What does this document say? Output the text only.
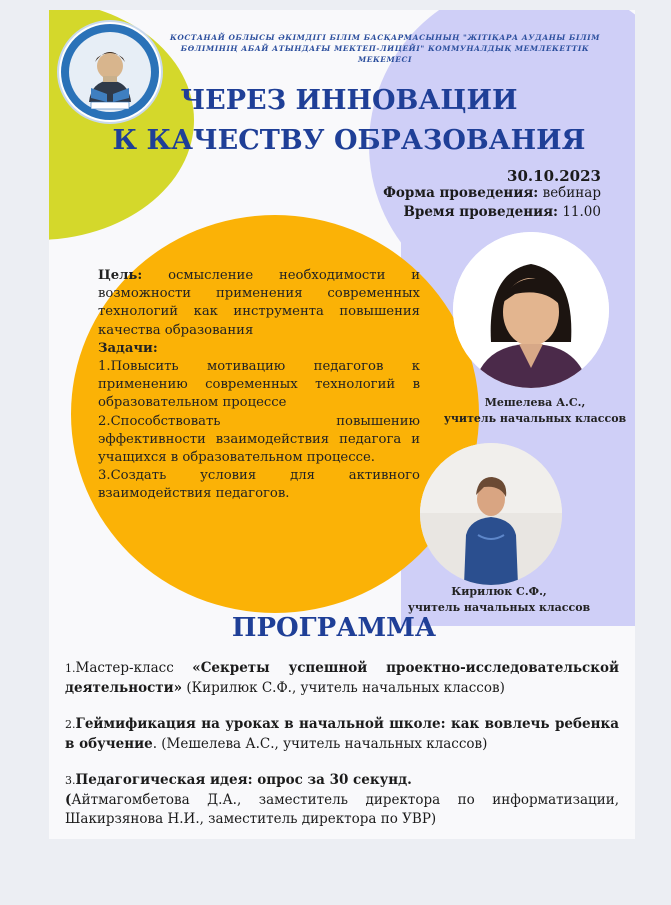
КОСТАНАЙ ОБЛЫСЫ ӘКІМДІГІ БІЛІМ БАСҚАРМАСЫНЫҢ "ЖІТІҚАРА АУДАНЫ БІЛІМ БӨЛІМІНІҢ АБАЙ АТЫНДАҒЫ МЕКТЕП-ЛИЦЕЙІ" КОММУНАЛДЫҚ МЕМЛЕКЕТТІК МЕКЕМЕСІ
ЧЕРЕЗ ИННОВАЦИИ
К КАЧЕСТВУ ОБРАЗОВАНИЯ
30.10.2023
Форма проведения: вебинар
Время проведения: 11.00

Цель: осмысление необходимости и возможности применения современных технологий как инструмента повышения качества образования

Задачи:

1.Повысить мотивацию педагогов к применению современных технологий в образовательном процессе

2.Способствовать повышению эффективности взаимодействия педагога и учащихся в образовательном процессе.

3.Создать условия для активного взаимодействия педагогов.

Мешелева А.С.,
учитель начальных классов
Кирилюк С.Ф.,
учитель начальных классов
ПРОГРАММА

1.Мастер-класс «Секреты успешной проектно-исследовательской деятельности» (Кирилюк С.Ф., учитель начальных классов)

2.Геймификация на уроках в начальной школе: как вовлечь ребенка в обучение. (Мешелева А.С., учитель начальных классов)

3.Педагогическая идея: опрос за 30 секунд.
(Айтмагомбетова Д.А., заместитель директора по информатизации, Шакирзянова Н.И., заместитель директора по УВР)
